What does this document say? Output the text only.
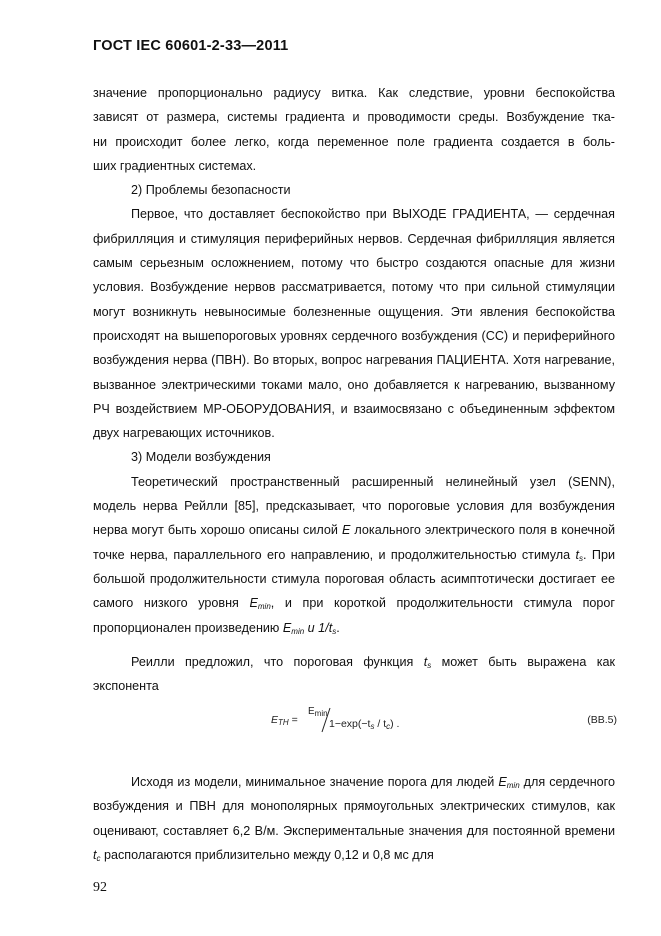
ГОСТ IEC 60601-2-33—2011
значение пропорционально радиусу витка. Как следствие, уровни беспокойства
зависят от размера, системы градиента и проводимости среды. Возбуждение тка-
ни происходит более легко, когда переменное поле градиента создается в боль-
ших градиентных системах.

2) Проблемы безопасности

Первое, что доставляет беспокойство при ВЫХОДЕ ГРАДИЕНТА, — сердечная фибрилляция и стимуляция периферийных нервов. Сердечная фибрилляция является самым серьезным осложнением, потому что быстро создаются опасные для жизни условия. Возбуждение нервов рассматривается, потому что при сильной стимуляции могут возникнуть невыносимые болезненные ощущения. Эти явления беспокойства происходят на вышепороговых уровнях сердечного возбуждения (СС) и периферийного возбуждения нерва (ПВН). Во вторых, вопрос нагревания ПАЦИЕНТА. Хотя нагревание, вызванное электрическими токами мало, оно добавляется к нагреванию, вызванному РЧ воздействием МР-ОБОРУДОВАНИЯ, и взаимосвязано с объединенным эффектом двух нагревающих источников.

3) Модели возбуждения

Теоретический пространственный расширенный нелинейный узел (SENN), модель нерва Рейлли [85], предсказывает, что пороговые условия для возбуждения нерва могут быть хорошо описаны силой E локального электрического поля в конечной точке нерва, параллельного его направлению, и продолжительностью стимула $t_s$. При большой продолжительности стимула пороговая область асимптотически достигает ее самого низкого уровня $E_{min}$, и при короткой продолжительности стимула порог пропорционален произведению $E_{min}$ и $1/t_s$.

Реилли предложил, что пороговая функция $t_s$ может быть выражена как экспонента

$E_{TH}$ =
$E_{min}$
$1-\exp(-t_s / t_c)$ .	(ВВ.5)

Исходя из модели, минимальное значение порога для людей $E_{min}$ для сердечного возбуждения и ПВН для монополярных прямоугольных электрических стимулов, как оценивают, составляет 6,2 В/м. Экспериментальные значения для постоянной времени $t_c$ располагаются приблизительно между 0,12 и 0,8 мс для

92
